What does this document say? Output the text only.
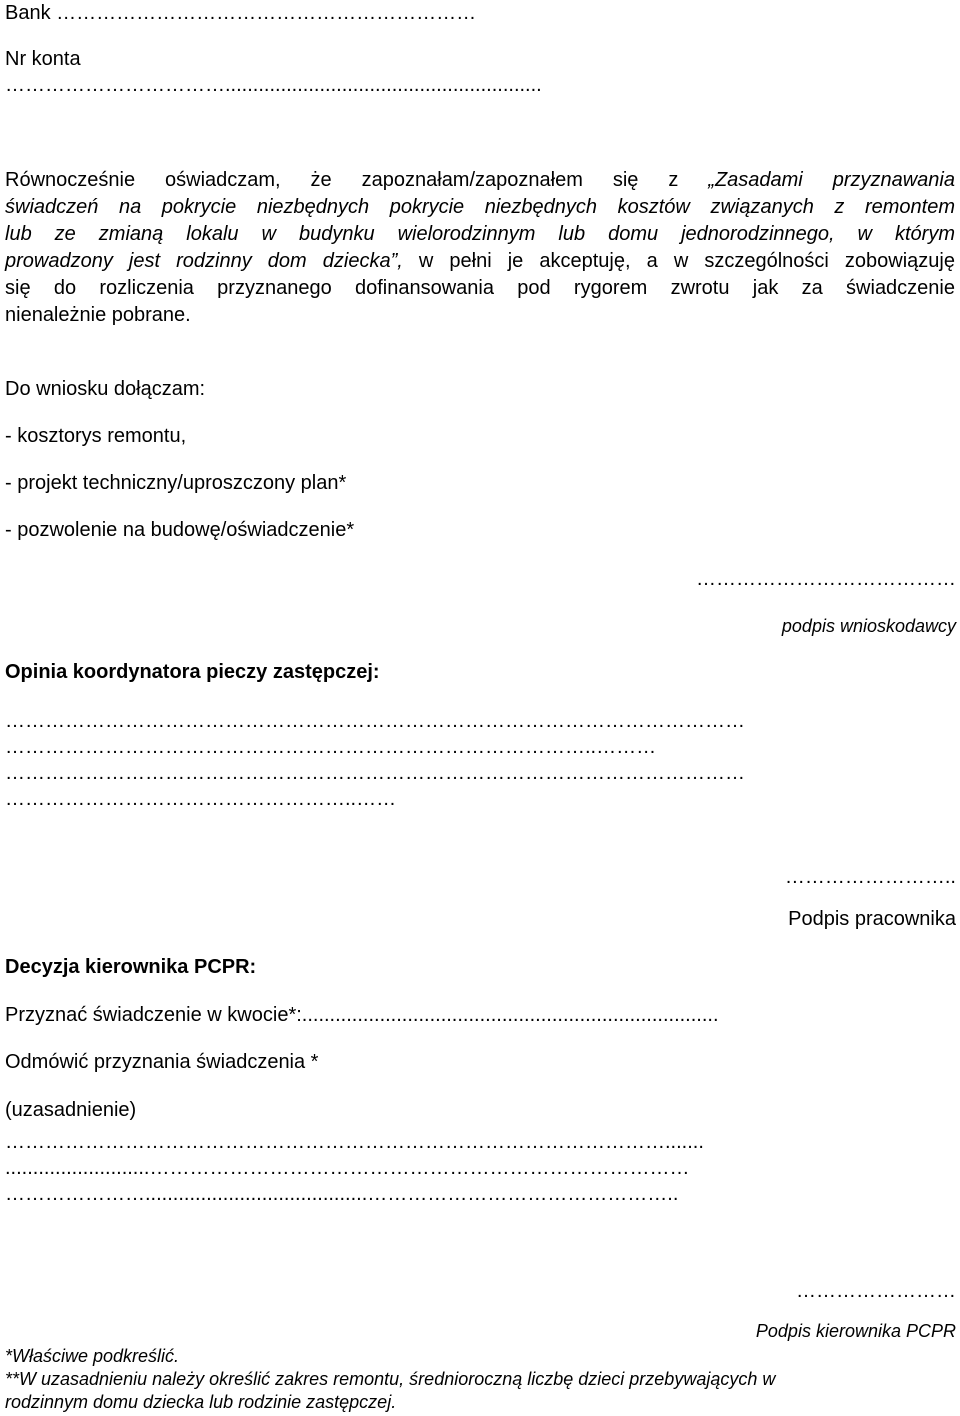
Bank ………………………………………………………
Nr konta
…………………………….........................................................
Równocześnie oświadczam, że zapoznałam/zapoznałem się z „Zasadami przyznawania
świadczeń na pokrycie niezbędnych pokrycie niezbędnych kosztów związanych z remontem
lub ze zmianą lokalu w budynku wielorodzinnym lub domu jednorodzinnego, w którym
prowadzony jest rodzinny dom dziecka”, w pełni je akceptuję, a w szczególności zobowiązuję
się do rozliczenia przyznanego dofinansowania pod rygorem zwrotu jak za świadczenie
nienależnie pobrane.
Do wniosku dołączam:
- kosztorys remontu,
- projekt techniczny/uproszczony plan*
- pozwolenie na budowę/oświadczenie*
…………………………………
podpis wnioskodawcy
Opinia koordynatora pieczy zastępczej:
…………………………………………………………………………………………………
……………………………………………………………………………..………
…………………………………………………………………………………………………
……………………………………………..……
……………………..
Podpis pracownika
Decyzja kierownika PCPR:
Przyznać świadczenie w kwocie*:...........................................................................
Odmówić przyznania świadczenia *
(uzasadnienie)
……………………………………………………………………………………….......
..........................………………………………………………………………………
…………………........................................………………………………………..
……………………
Podpis kierownika PCPR
*Właściwe podkreślić.
**W uzasadnieniu należy określić zakres remontu, średnioroczną liczbę dzieci przebywających w
rodzinnym domu dziecka lub rodzinie zastępczej.
